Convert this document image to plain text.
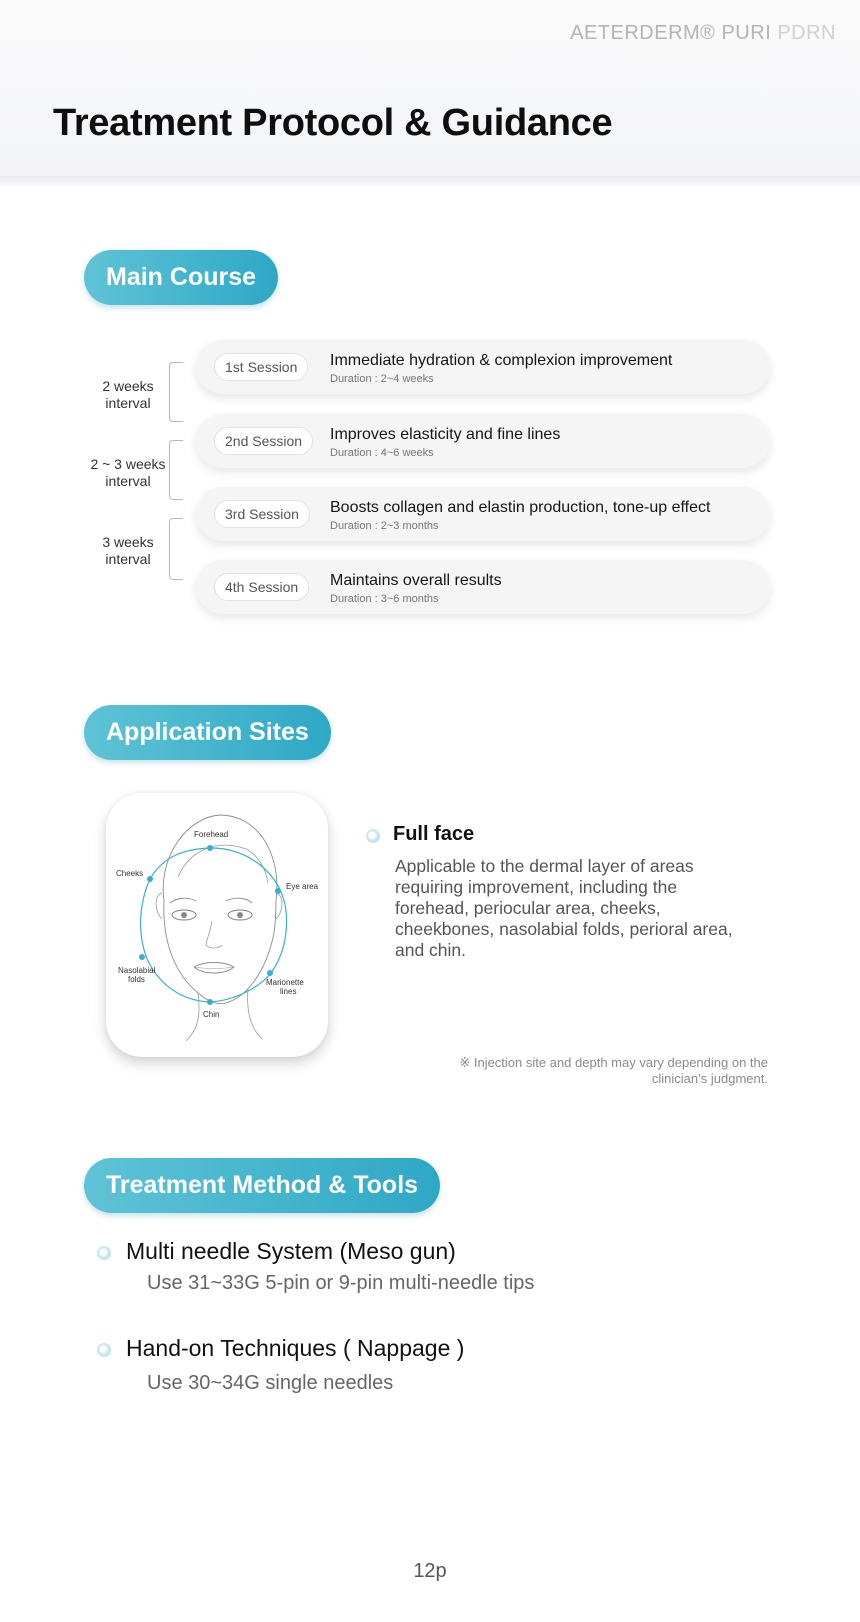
AETERDERM® PURI PDRN
Treatment Protocol & Guidance
Main Course
2 weeks
interval
2 ~ 3 weeks
interval
3 weeks
interval
1st Session	Immediate hydration & complexion improvement
Duration : 2~4 weeks
2nd Session	Improves elasticity and fine lines
Duration : 4~6 weeks
3rd Session	Boosts collagen and elastin production, tone-up effect
Duration : 2~3 months
4th Session	Maintains overall results
Duration : 3~6 months
Application Sites
Forehead
Cheeks
Eye area
Nasolabial
folds	Marionette
lines
Chin
Full face
Applicable to the dermal layer of areas requiring improvement, including the forehead, periocular area, cheeks, cheekbones, nasolabial folds, perioral area, and chin.
※ Injection site and depth may vary depending on the
clinician’s judgment.
Treatment Method & Tools
Multi needle System (Meso gun)
Use 31~33G 5-pin or 9-pin multi-needle tips
Hand-on Techniques ( Nappage )
Use 30~34G single needles
12p
